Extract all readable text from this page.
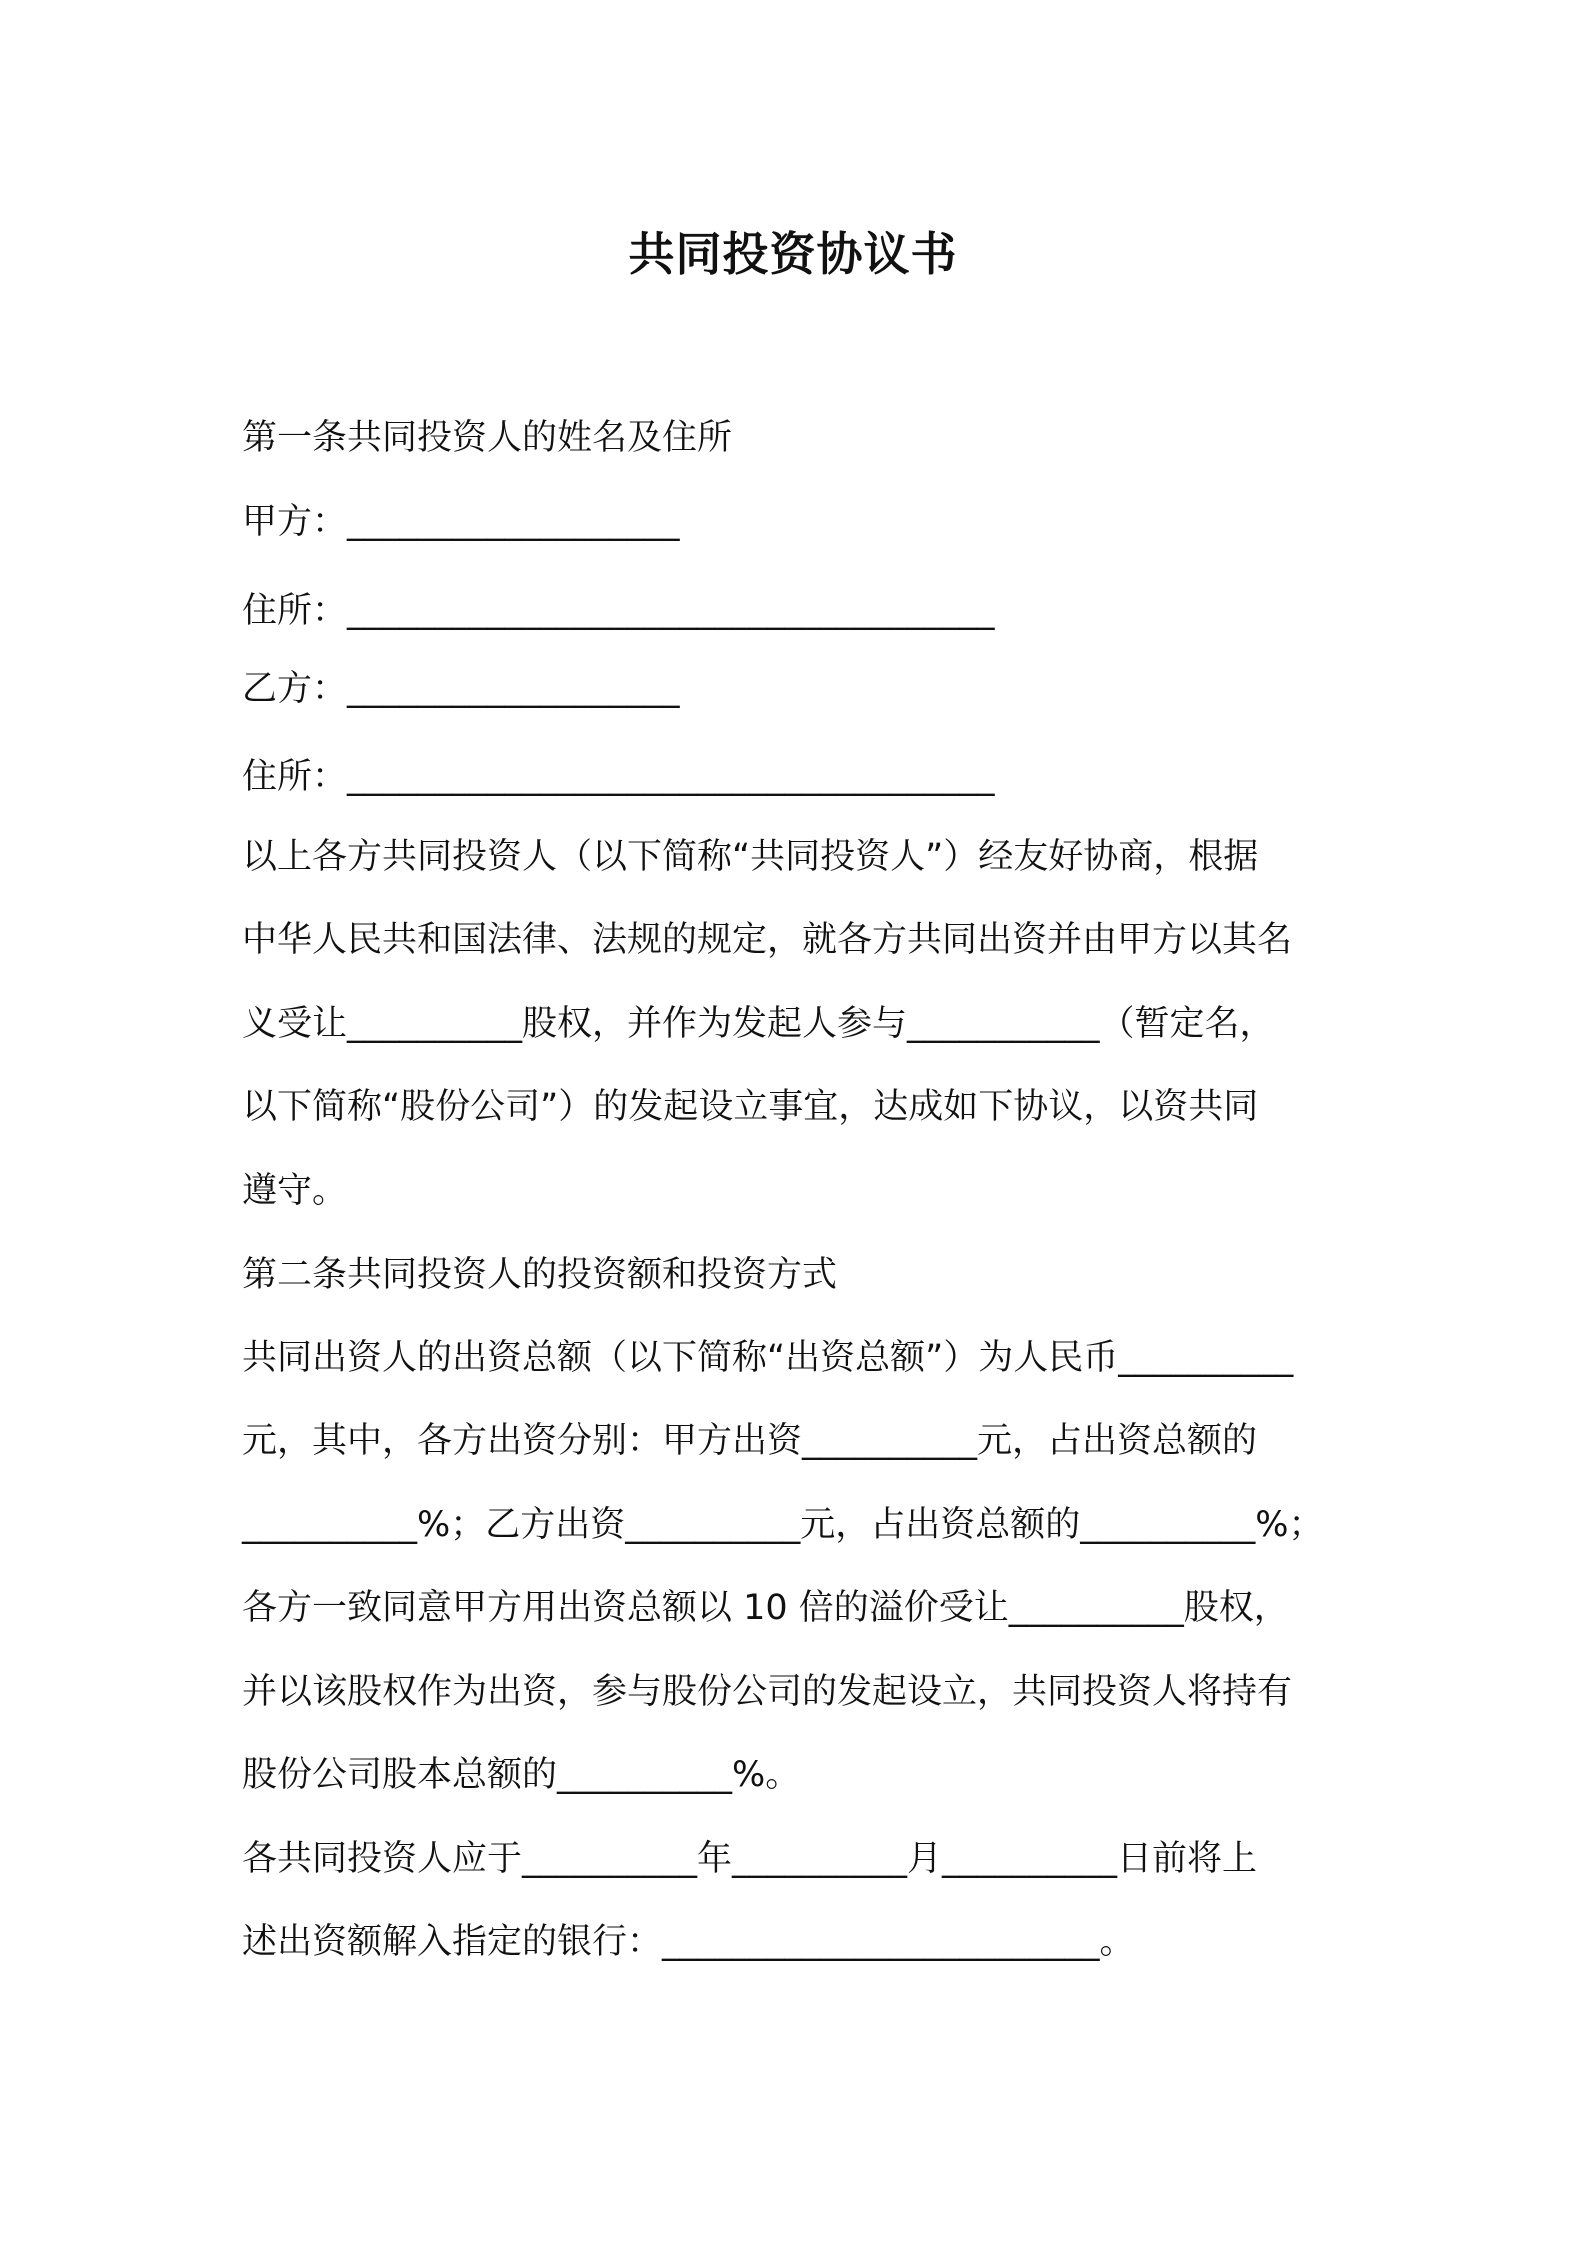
共同投资协议书
第一条共同投资人的姓名及住所
甲方：___________________
住所：_____________________________________
乙方：___________________
住所：_____________________________________
以上各方共同投资人（以下简称“共同投资人”）经友好协商，根据
中华人民共和国法律、法规的规定，就各方共同出资并由甲方以其名
义受让__________股权，并作为发起人参与___________（暂定名，
以下简称“股份公司”）的发起设立事宜，达成如下协议，以资共同
遵守。
第二条共同投资人的投资额和投资方式
共同出资人的出资总额（以下简称“出资总额”）为人民币__________
元，其中，各方出资分别：甲方出资__________元，占出资总额的
__________%；乙方出资__________元，占出资总额的__________%；
各方一致同意甲方用出资总额以 10 倍的溢价受让__________股权，
并以该股权作为出资，参与股份公司的发起设立，共同投资人将持有
股份公司股本总额的__________%。
各共同投资人应于__________年__________月__________日前将上
述出资额解入指定的银行：_________________________。
